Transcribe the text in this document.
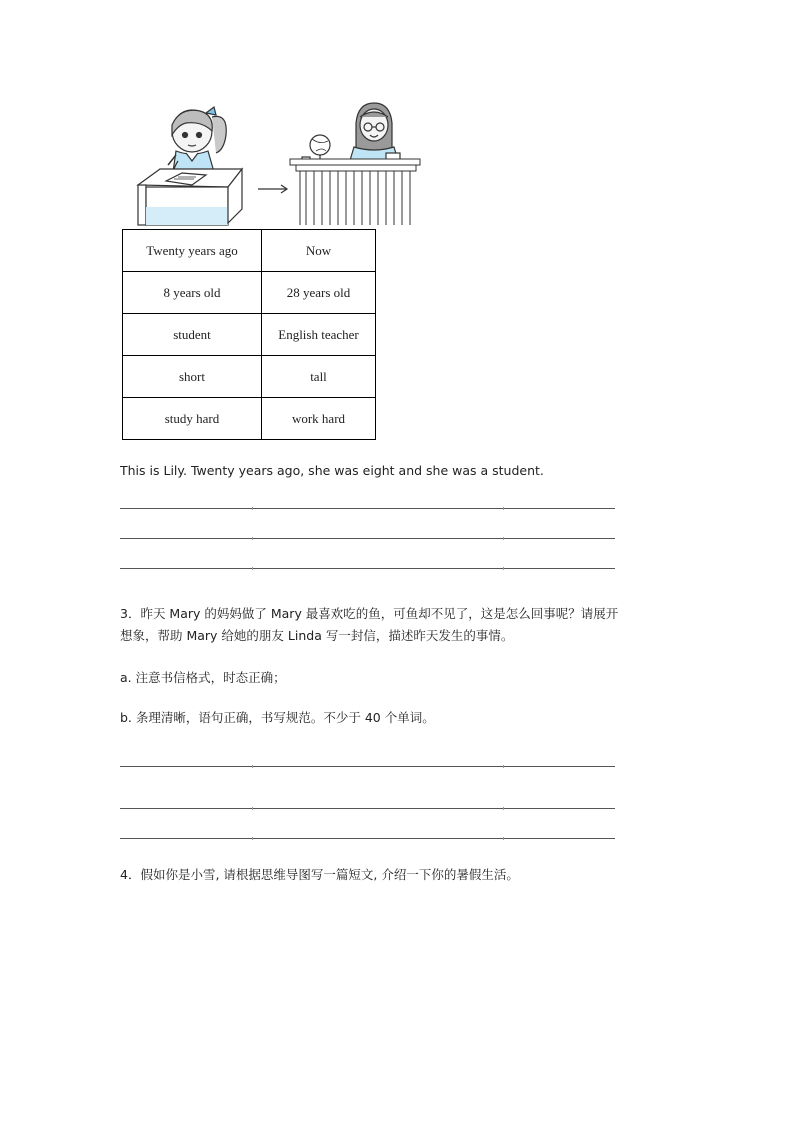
Twenty years ago	Now
8 years old	28 years old
student	English teacher
short	tall
study hard	work hard
This is Lily. Twenty years ago, she was eight and she was a student.
3．昨天 Mary 的妈妈做了 Mary 最喜欢吃的鱼，可鱼却不见了，这是怎么回事呢？请展开
想象，帮助 Mary 给她的朋友 Linda 写一封信，描述昨天发生的事情。
a. 注意书信格式，时态正确；
b. 条理清晰，语句正确，书写规范。不少于 40 个单词。
4．假如你是小雪, 请根据思维导图写一篇短文, 介绍一下你的暑假生活。
